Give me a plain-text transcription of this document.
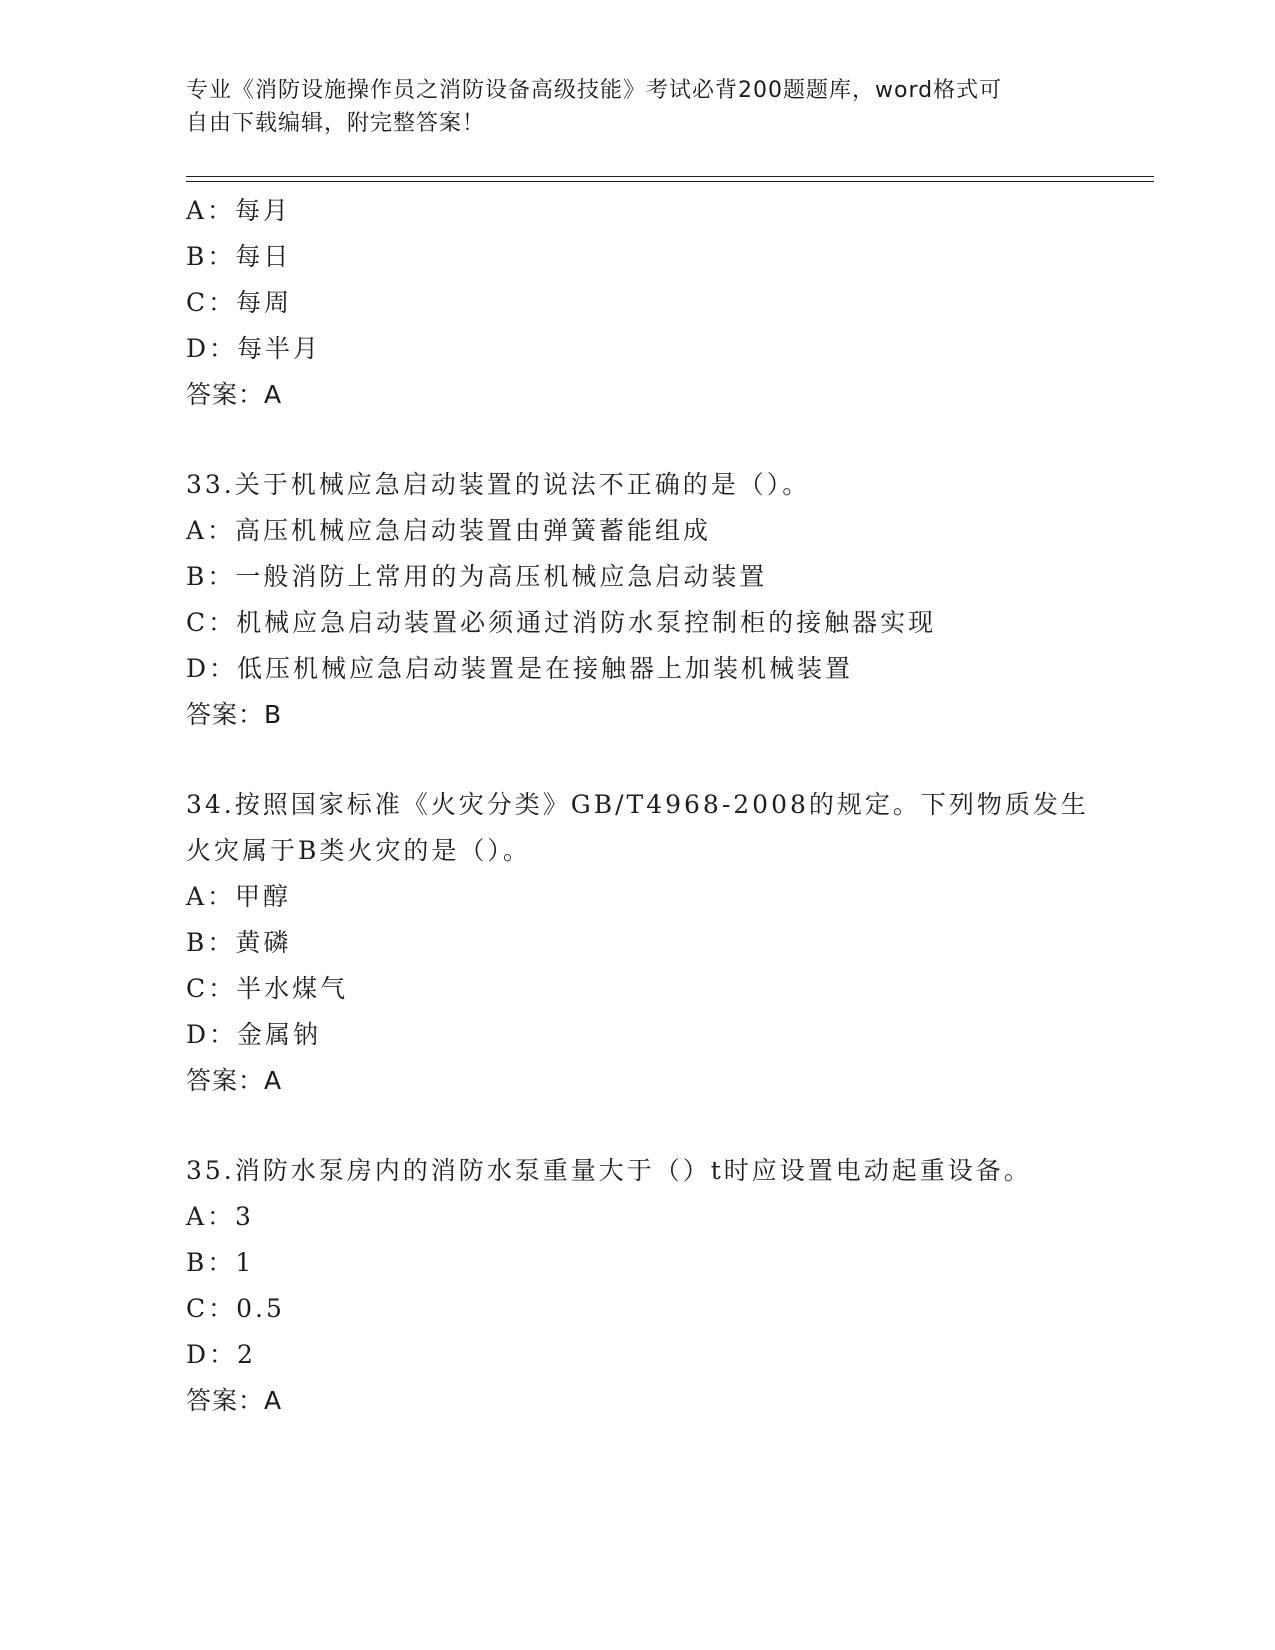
专业《消防设施操作员之消防设备高级技能》考试必背200题题库，word格式可
自由下载编辑，附完整答案！
A：每月
B：每日
C：每周
D：每半月
答案：A
33.关于机械应急启动装置的说法不正确的是（）。
A：高压机械应急启动装置由弹簧蓄能组成
B：一般消防上常用的为高压机械应急启动装置
C：机械应急启动装置必须通过消防水泵控制柜的接触器实现
D：低压机械应急启动装置是在接触器上加装机械装置
答案：B
34.按照国家标准《火灾分类》GB/T4968-2008的规定。下列物质发生
火灾属于B类火灾的是（）。
A：甲醇
B：黄磷
C：半水煤气
D：金属钠
答案：A
35.消防水泵房内的消防水泵重量大于（）t时应设置电动起重设备。
A：3
B：1
C：0.5
D：2
答案：A
